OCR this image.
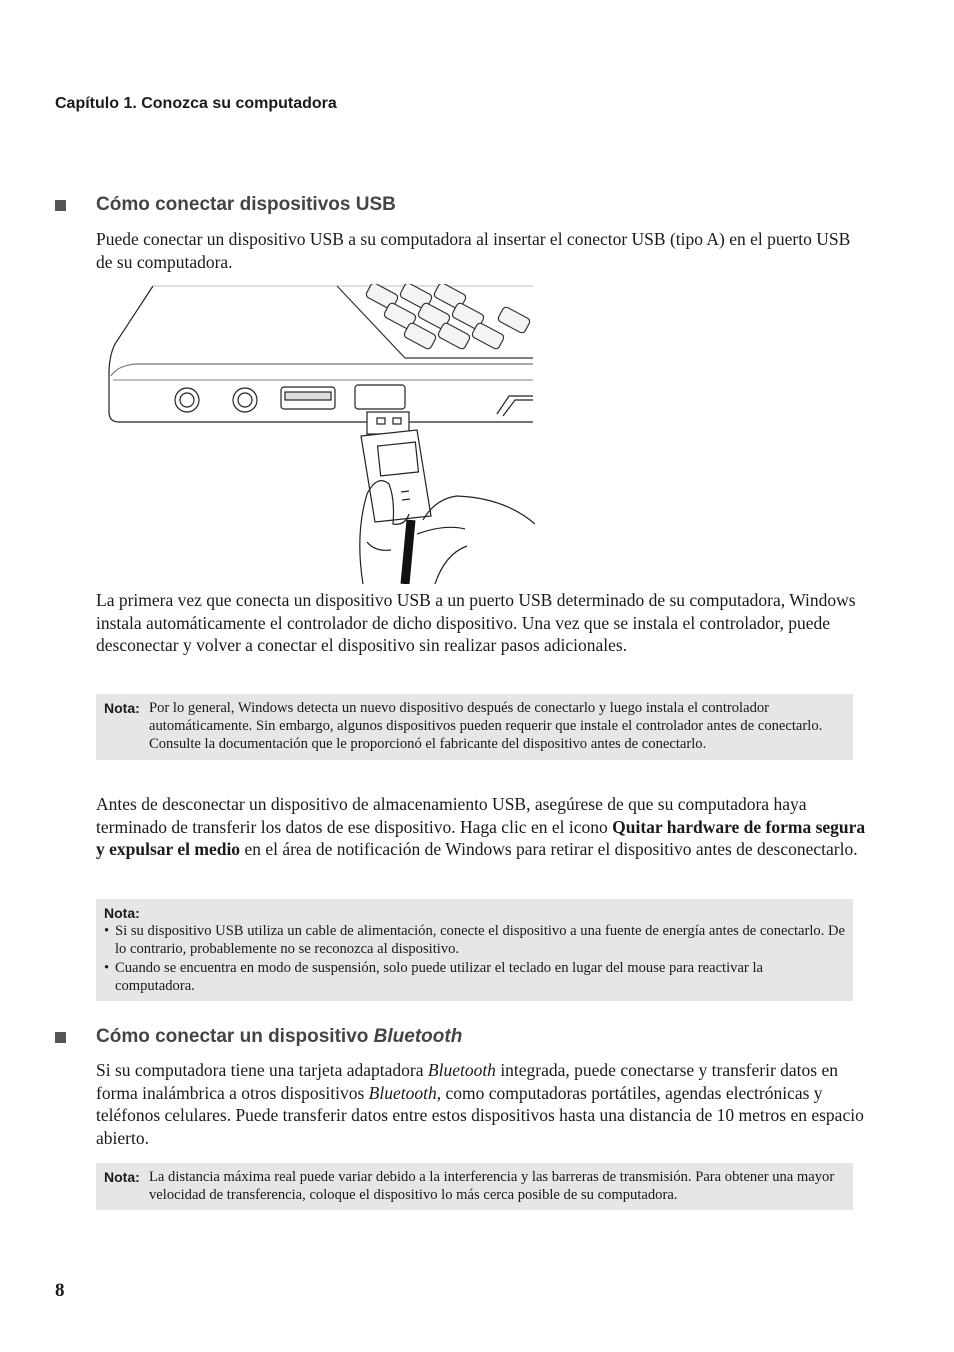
Capítulo 1. Conozca su computadora
Cómo conectar dispositivos USB

Puede conectar un dispositivo USB a su computadora al insertar el conector USB (tipo A) en el puerto USB de su computadora.

La primera vez que conecta un dispositivo USB a un puerto USB determinado de su computadora, Windows instala automáticamente el controlador de dicho dispositivo. Una vez que se instala el controlador, puede desconectar y volver a conectar el dispositivo sin realizar pasos adicionales.

Nota: Por lo general, Windows detecta un nuevo dispositivo después de conectarlo y luego instala el controlador automáticamente. Sin embargo, algunos dispositivos pueden requerir que instale el controlador antes de conectarlo. Consulte la documentación que le proporcionó el fabricante del dispositivo antes de conectarlo.

Antes de desconectar un dispositivo de almacenamiento USB, asegúrese de que su computadora haya terminado de transferir los datos de ese dispositivo. Haga clic en el icono Quitar hardware de forma segura y expulsar el medio en el área de notificación de Windows para retirar el dispositivo antes de desconectarlo.

Nota:
• Si su dispositivo USB utiliza un cable de alimentación, conecte el dispositivo a una fuente de energía antes de conectarlo. De lo contrario, probablemente no se reconozca al dispositivo.
• Cuando se encuentra en modo de suspensión, solo puede utilizar el teclado en lugar del mouse para reactivar la computadora.
Cómo conectar un dispositivo Bluetooth

Si su computadora tiene una tarjeta adaptadora Bluetooth integrada, puede conectarse y transferir datos en forma inalámbrica a otros dispositivos Bluetooth, como computadoras portátiles, agendas electrónicas y teléfonos celulares. Puede transferir datos entre estos dispositivos hasta una distancia de 10 metros en espacio abierto.

Nota: La distancia máxima real puede variar debido a la interferencia y las barreras de transmisión. Para obtener una mayor velocidad de transferencia, coloque el dispositivo lo más cerca posible de su computadora.
8
